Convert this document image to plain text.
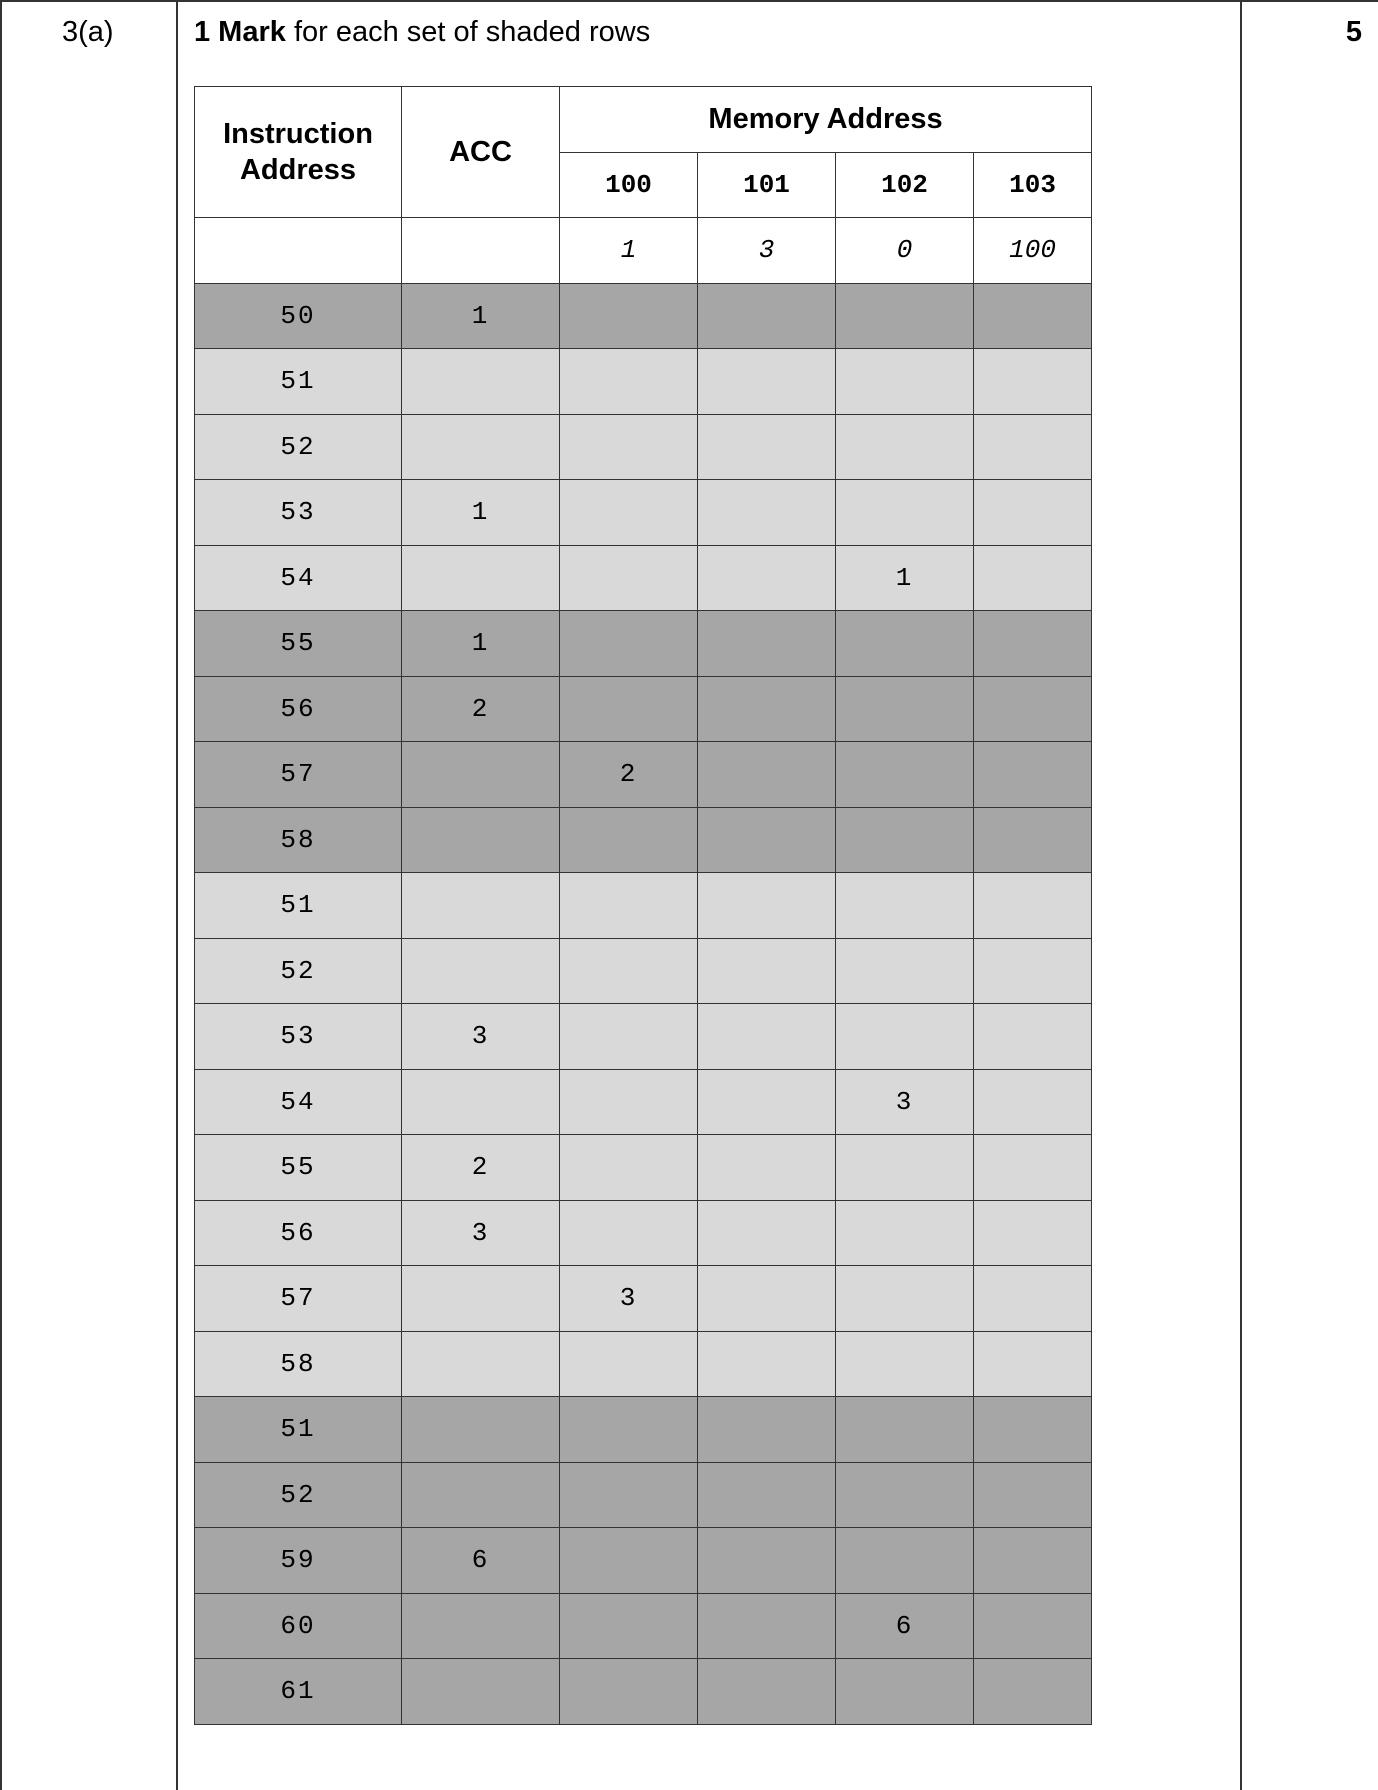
3(a)	1 Mark for each set of shaded rows	5
Instruction Address	ACC	Memory Address			
		100	101	102	103
		1	3	0	100
50	1				
51					
52					
53	1				
54				1	
55	1				
56	2				
57		2			
58					
51					
52					
53	3				
54				3	
55	2				
56	3				
57		3			
58					
51					
52					
59	6				
60				6	
61					
